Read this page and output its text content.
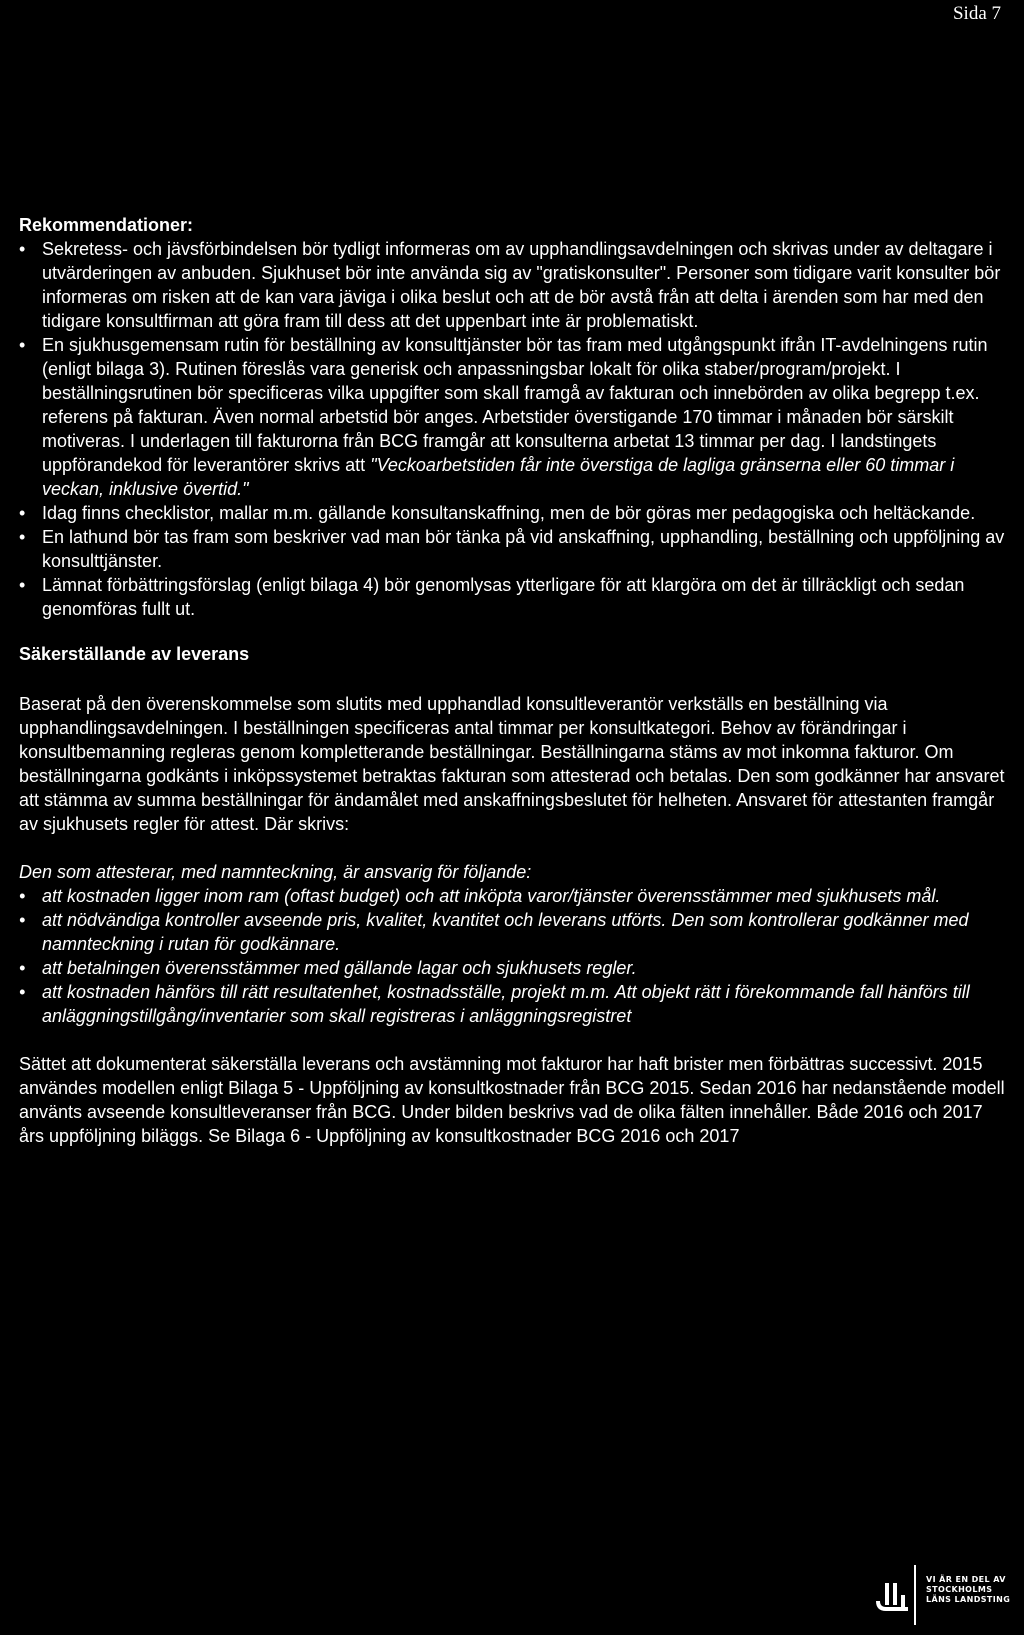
Sida 7

Rekommendationer:
• Sekretess- och jävsförbindelsen bör tydligt informeras om av upphandlingsavdelningen och skrivas under av deltagare i utvärderingen av anbuden. Sjukhuset bör inte använda sig av "gratiskonsulter". Personer som tidigare varit konsulter bör informeras om risken att de kan vara jäviga i olika beslut och att de bör avstå från att delta i ärenden som har med den tidigare konsultfirman att göra fram till dess att det uppenbart inte är problematiskt.
• En sjukhusgemensam rutin för beställning av konsulttjänster bör tas fram med utgångspunkt ifrån IT-avdelningens rutin (enligt bilaga 3). Rutinen föreslås vara generisk och anpassningsbar lokalt för olika staber/program/projekt. I beställningsrutinen bör specificeras vilka uppgifter som skall framgå av fakturan och innebörden av olika begrepp t.ex. referens på fakturan. Även normal arbetstid bör anges. Arbetstider överstigande 170 timmar i månaden bör särskilt motiveras. I underlagen till fakturorna från BCG framgår att konsulterna arbetat 13 timmar per dag. I landstingets uppförandekod för leverantörer skrivs att "Veckoarbetstiden får inte överstiga de lagliga gränserna eller 60 timmar i veckan, inklusive övertid."
• Idag finns checklistor, mallar m.m. gällande konsultanskaffning, men de bör göras mer pedagogiska och heltäckande.
• En lathund bör tas fram som beskriver vad man bör tänka på vid anskaffning, upphandling, beställning och uppföljning av konsulttjänster.
• Lämnat förbättringsförslag (enligt bilaga 4) bör genomlysas ytterligare för att klargöra om det är tillräckligt och sedan genomföras fullt ut.
Säkerställande av leverans

Baserat på den överenskommelse som slutits med upphandlad konsultleverantör verkställs en beställning via upphandlingsavdelningen. I beställningen specificeras antal timmar per konsultkategori. Behov av förändringar i konsultbemanning regleras genom kompletterande beställningar. Beställningarna stäms av mot inkomna fakturor. Om beställningarna godkänts i inköpssystemet betraktas fakturan som attesterad och betalas. Den som godkänner har ansvaret att stämma av summa beställningar för ändamålet med anskaffningsbeslutet för helheten. Ansvaret för attestanten framgår av sjukhusets regler för attest. Där skrivs:

Den som attesterar, med namnteckning, är ansvarig för följande:

• att kostnaden ligger inom ram (oftast budget) och att inköpta varor/tjänster överensstämmer med sjukhusets mål.
• att nödvändiga kontroller avseende pris, kvalitet, kvantitet och leverans utförts. Den som kontrollerar godkänner med namnteckning i rutan för godkännare.
• att betalningen överensstämmer med gällande lagar och sjukhusets regler.
• att kostnaden hänförs till rätt resultatenhet, kostnadsställe, projekt m.m. Att objekt rätt i förekommande fall hänförs till anläggningstillgång/inventarier som skall registreras i anläggningsregistret

Sättet att dokumenterat säkerställa leverans och avstämning mot fakturor har haft brister men förbättras successivt. 2015 användes modellen enligt Bilaga 5 - Uppföljning av konsultkostnader från BCG 2015. Sedan 2016 har nedanstående modell använts avseende konsultleveranser från BCG. Under bilden beskrivs vad de olika fälten innehåller. Både 2016 och 2017 års uppföljning biläggs. Se Bilaga 6 - Uppföljning av konsultkostnader BCG 2016 och 2017

VI ÄR EN DEL AV
STOCKHOLMS
LÄNS LANDSTING
